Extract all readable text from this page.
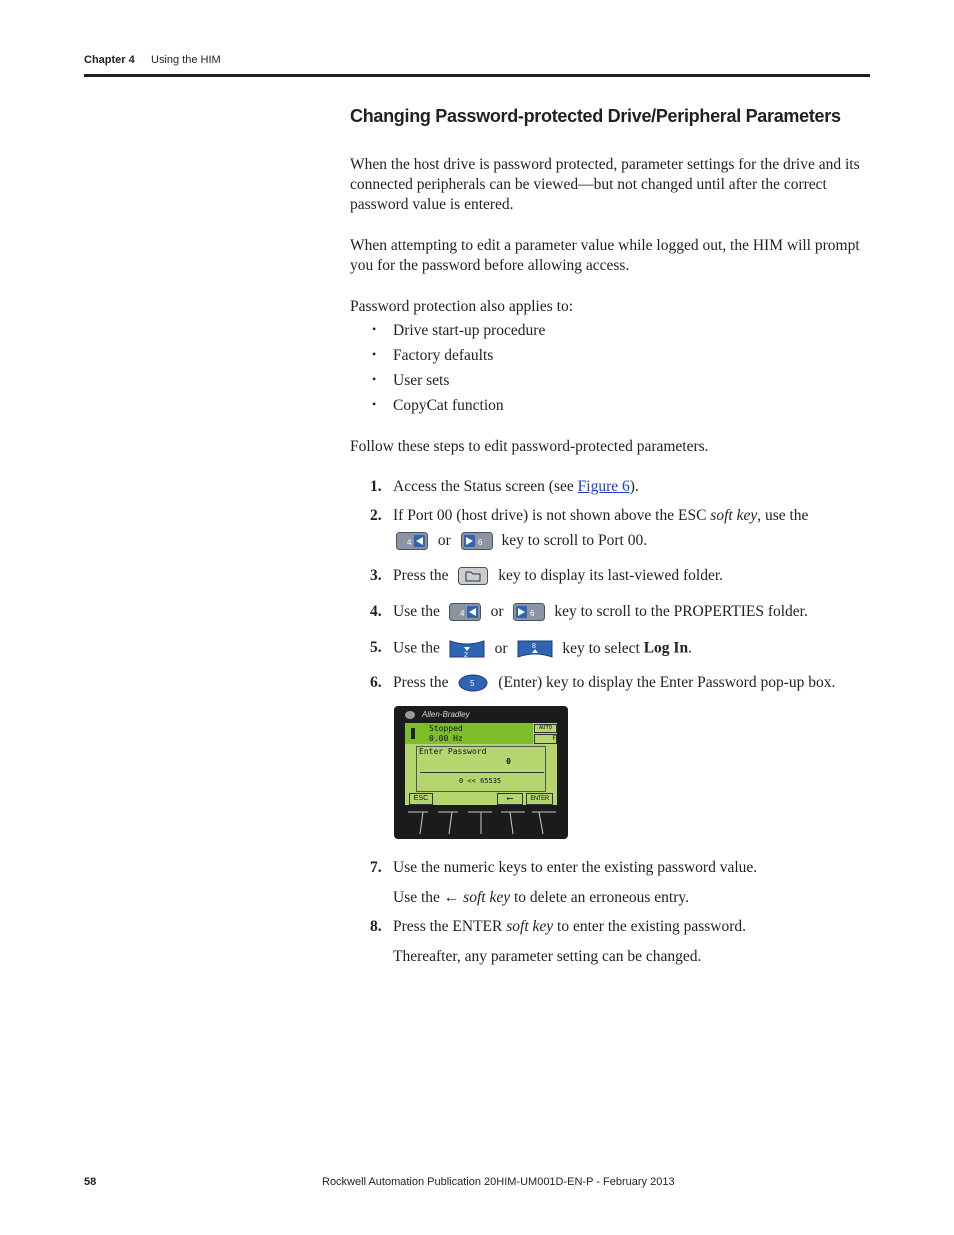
Chapter 4 Using the HIM
Changing Password-protected Drive/Peripheral Parameters

When the host drive is password protected, parameter settings for the drive and its connected peripherals can be viewed—but not changed until after the correct password value is entered.

When attempting to edit a parameter value while logged out, the HIM will prompt you for the password before allowing access.

Password protection also applies to:

• Drive start-up procedure
• Factory defaults
• User sets
• CopyCat function

Follow these steps to edit password-protected parameters.

1. Access the Status screen (see Figure 6).
2. If Port 00 (host drive) is not shown above the ESC soft key, use the
4 or	6 key to scroll to Port 00.
3. Press the	key to display its last-viewed folder.
4. Use the 4 or	6 key to scroll to the PROPERTIES folder.
5. Use the	2 or	8 key to select Log In.
6. Press the	5 (Enter) key to display the Enter Password pop-up box.
Allen-Bradley
Stopped
0.00 Hz
AUTO
F
Enter Password
0
0 << 65535
ESC	⟵	ENTER
7. Use the numeric keys to enter the existing password value.
Use the ← soft key to delete an erroneous entry.
8. Press the ENTER soft key to enter the existing password.
Thereafter, any parameter setting can be changed.
58	Rockwell Automation Publication 20HIM-UM001D-EN-P - February 2013
